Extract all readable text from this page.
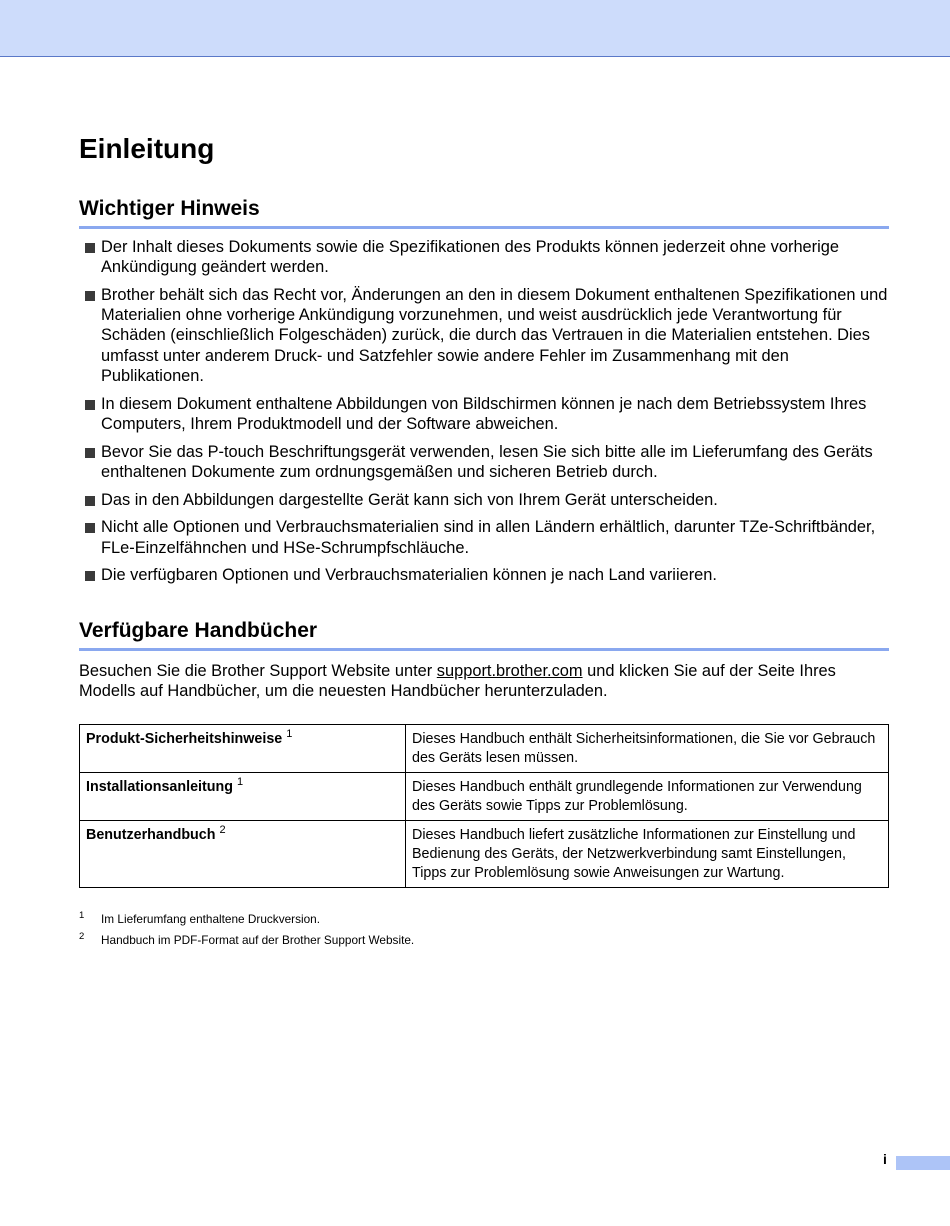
Einleitung
Wichtiger Hinweis
Der Inhalt dieses Dokuments sowie die Spezifikationen des Produkts können jederzeit ohne vorherige Ankündigung geändert werden.
Brother behält sich das Recht vor, Änderungen an den in diesem Dokument enthaltenen Spezifikationen und Materialien ohne vorherige Ankündigung vorzunehmen, und weist ausdrücklich jede Verantwortung für Schäden (einschließlich Folgeschäden) zurück, die durch das Vertrauen in die Materialien entstehen. Dies umfasst unter anderem Druck- und Satzfehler sowie andere Fehler im Zusammenhang mit den Publikationen.
In diesem Dokument enthaltene Abbildungen von Bildschirmen können je nach dem Betriebssystem Ihres Computers, Ihrem Produktmodell und der Software abweichen.
Bevor Sie das P-touch Beschriftungsgerät verwenden, lesen Sie sich bitte alle im Lieferumfang des Geräts enthaltenen Dokumente zum ordnungsgemäßen und sicheren Betrieb durch.
Das in den Abbildungen dargestellte Gerät kann sich von Ihrem Gerät unterscheiden.
Nicht alle Optionen und Verbrauchsmaterialien sind in allen Ländern erhältlich, darunter TZe-Schriftbänder, FLe-Einzelfähnchen und HSe-Schrumpfschläuche.
Die verfügbaren Optionen und Verbrauchsmaterialien können je nach Land variieren.
Verfügbare Handbücher

Besuchen Sie die Brother Support Website unter support.brother.com und klicken Sie auf der Seite Ihres Modells auf Handbücher, um die neuesten Handbücher herunterzuladen.

Produkt-Sicherheitshinweise $^1$	Dieses Handbuch enthält Sicherheitsinformationen, die Sie vor Gebrauch des Geräts lesen müssen.
Installationsanleitung $^1$	Dieses Handbuch enthält grundlegende Informationen zur Verwendung des Geräts sowie Tipps zur Problemlösung.
Benutzerhandbuch $^2$	Dieses Handbuch liefert zusätzliche Informationen zur Einstellung und Bedienung des Geräts, der Netzwerkverbindung samt Einstellungen, Tipps zur Problemlösung sowie Anweisungen zur Wartung.
1 Im Lieferumfang enthaltene Druckversion.
2 Handbuch im PDF-Format auf der Brother Support Website.
i
